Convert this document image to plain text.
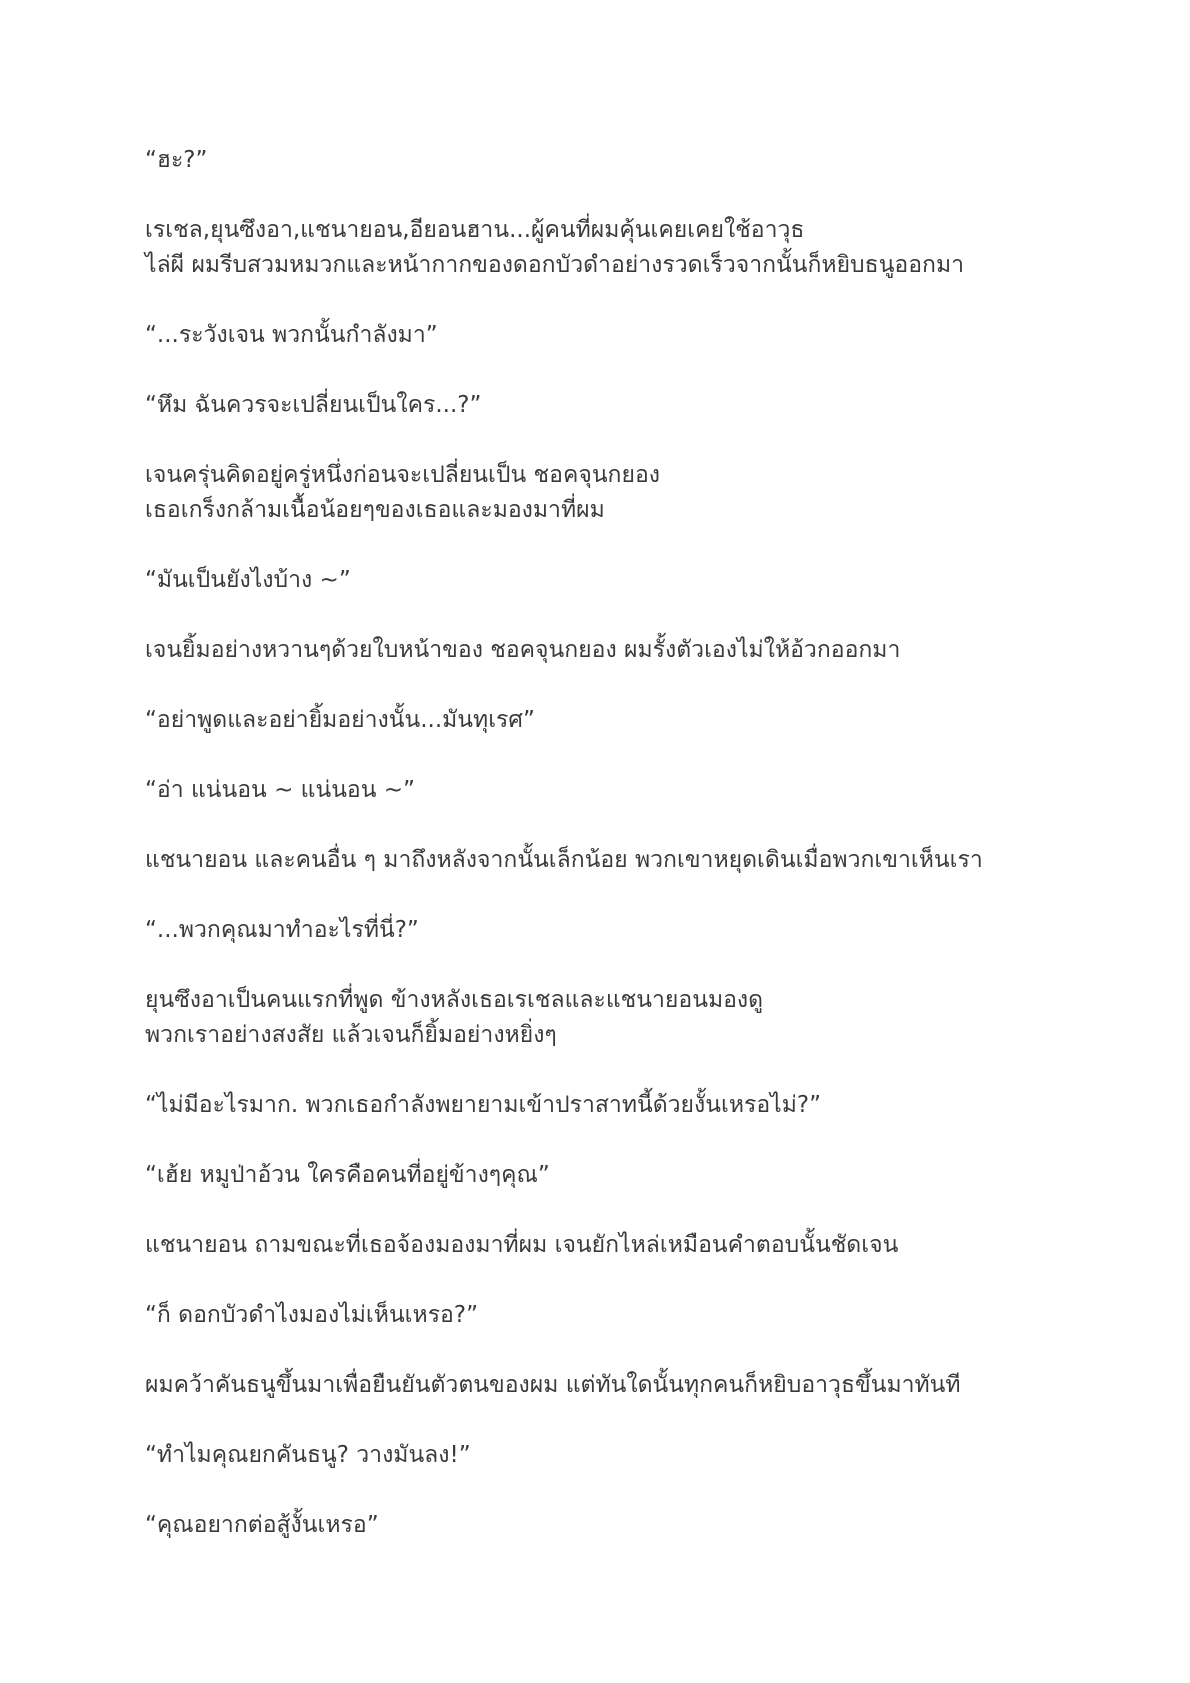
“ฮะ?”

เรเชล,ยุนซึงอา,แชนายอน,อียอนฮาน...ผู้คนที่ผมคุ้นเคยเคยใช้อาวุธ
ไล่ผี ผมรีบสวมหมวกและหน้ากากของดอกบัวดำอย่างรวดเร็วจากนั้นก็หยิบธนูออกมา

“...ระวังเจน พวกนั้นกำลังมา”

“หึม ฉันควรจะเปลี่ยนเป็นใคร...?”

เจนครุ่นคิดอยู่ครู่หนึ่งก่อนจะเปลี่ยนเป็น ชอคจุนกยอง
เธอเกร็งกล้ามเนื้อน้อยๆของเธอและมองมาที่ผม

“มันเป็นยังไงบ้าง ~”

เจนยิ้มอย่างหวานๆด้วยใบหน้าของ ชอคจุนกยอง ผมรั้งตัวเองไม่ให้อ้วกออกมา

“อย่าพูดและอย่ายิ้มอย่างนั้น...มันทุเรศ”

“อ่า แน่นอน ~ แน่นอน ~”

แชนายอน และคนอื่น ๆ มาถึงหลังจากนั้นเล็กน้อย พวกเขาหยุดเดินเมื่อพวกเขาเห็นเรา

“...พวกคุณมาทำอะไรที่นี่?”

ยุนซึงอาเป็นคนแรกที่พูด ข้างหลังเธอเรเชลและแชนายอนมองดู
พวกเราอย่างสงสัย แล้วเจนก็ยิ้มอย่างหยิ่งๆ

“ไม่มีอะไรมาก. พวกเธอกำลังพยายามเข้าปราสาทนี้ด้วยงั้นเหรอไม่?”

“เฮ้ย หมูป่าอ้วน ใครคือคนที่อยู่ข้างๆคุณ”

แชนายอน ถามขณะที่เธอจ้องมองมาที่ผม เจนยักไหล่เหมือนคำตอบนั้นชัดเจน

“ก็ ดอกบัวดำไงมองไม่เห็นเหรอ?”

ผมคว้าคันธนูขึ้นมาเพื่อยืนยันตัวตนของผม แต่ทันใดนั้นทุกคนก็หยิบอาวุธขึ้นมาทันที

“ทำไมคุณยกคันธนู? วางมันลง!”

“คุณอยากต่อสู้งั้นเหรอ”
